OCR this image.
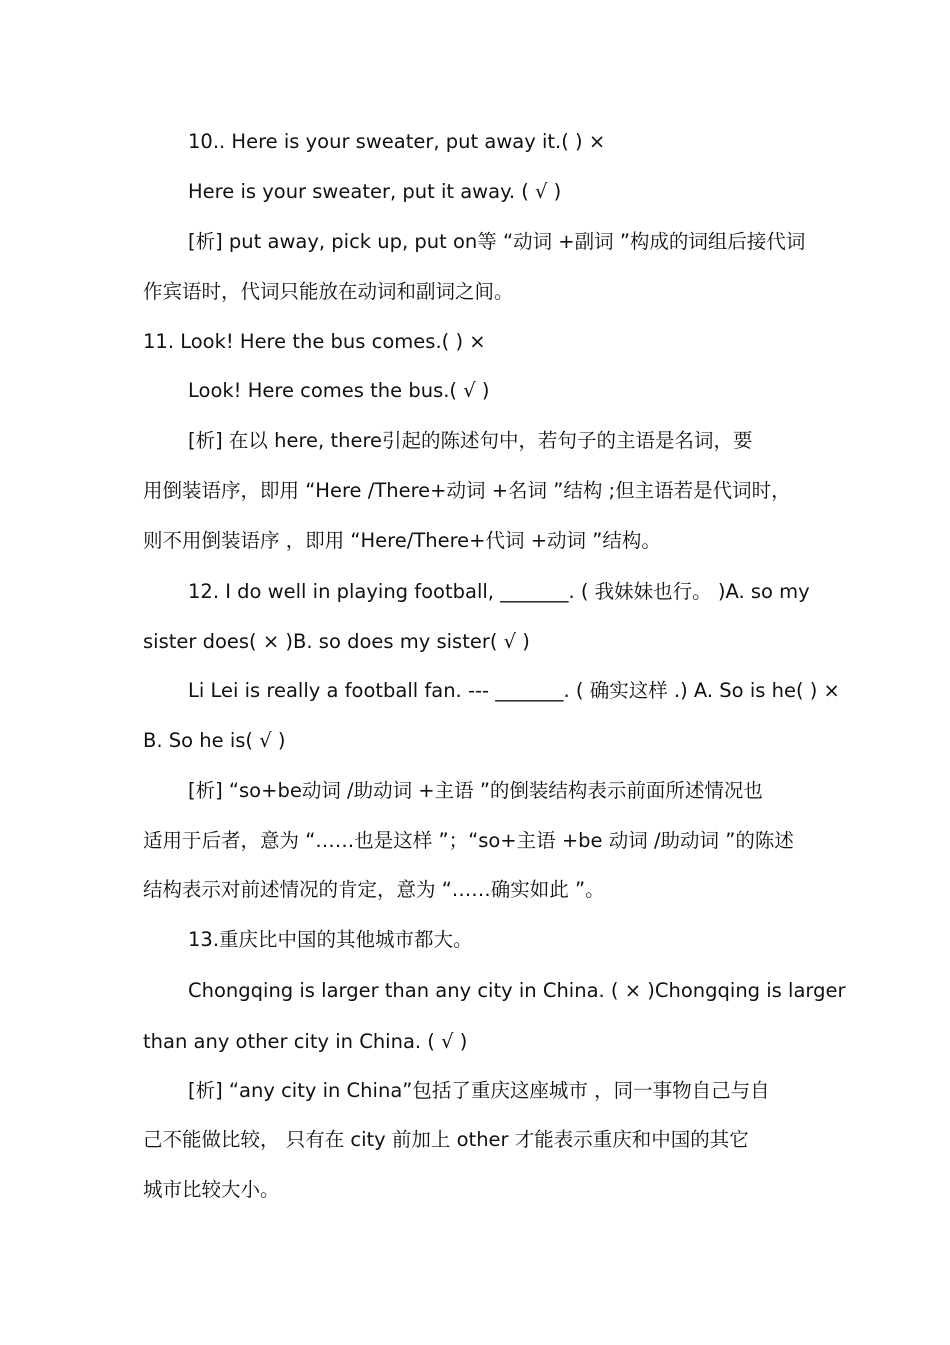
10.. Here is your sweater, put away it.( ) ×
Here is your sweater, put it away. ( √ )
[析] put away, pick up, put on等 “动词 +副词 ”构成的词组后接代词
作宾语时，代词只能放在动词和副词之间。
11. Look! Here the bus comes.( ) ×
Look! Here comes the bus.( √ )
[析] 在以 here, there引起的陈述句中，若句子的主语是名词，要
用倒装语序，即用 “Here /There+动词 +名词 ”结构 ;但主语若是代词时，
则不用倒装语序 ，即用 “Here/There+代词 +动词 ”结构。
12. I do well in playing football, _______. ( 我妹妹也行。 )A. so my
sister does( × )B. so does my sister( √ )
Li Lei is really a football fan. --- _______. ( 确实这样 .) A. So is he( ) ×
B. So he is( √ )
[析] “so+be动词 /助动词 +主语 ”的倒装结构表示前面所述情况也
适用于后者，意为 “……也是这样 ”；“so+主语 +be 动词 /助动词 ”的陈述
结构表示对前述情况的肯定，意为 “……确实如此 ”。
13.重庆比中国的其他城市都大。
Chongqing is larger than any city in China. ( × )Chongqing is larger
than any other city in China. ( √ )
[析] “any city in China”包括了重庆这座城市 ，同一事物自己与自
己不能做比较， 只有在 city 前加上 other 才能表示重庆和中国的其它
城市比较大小。
